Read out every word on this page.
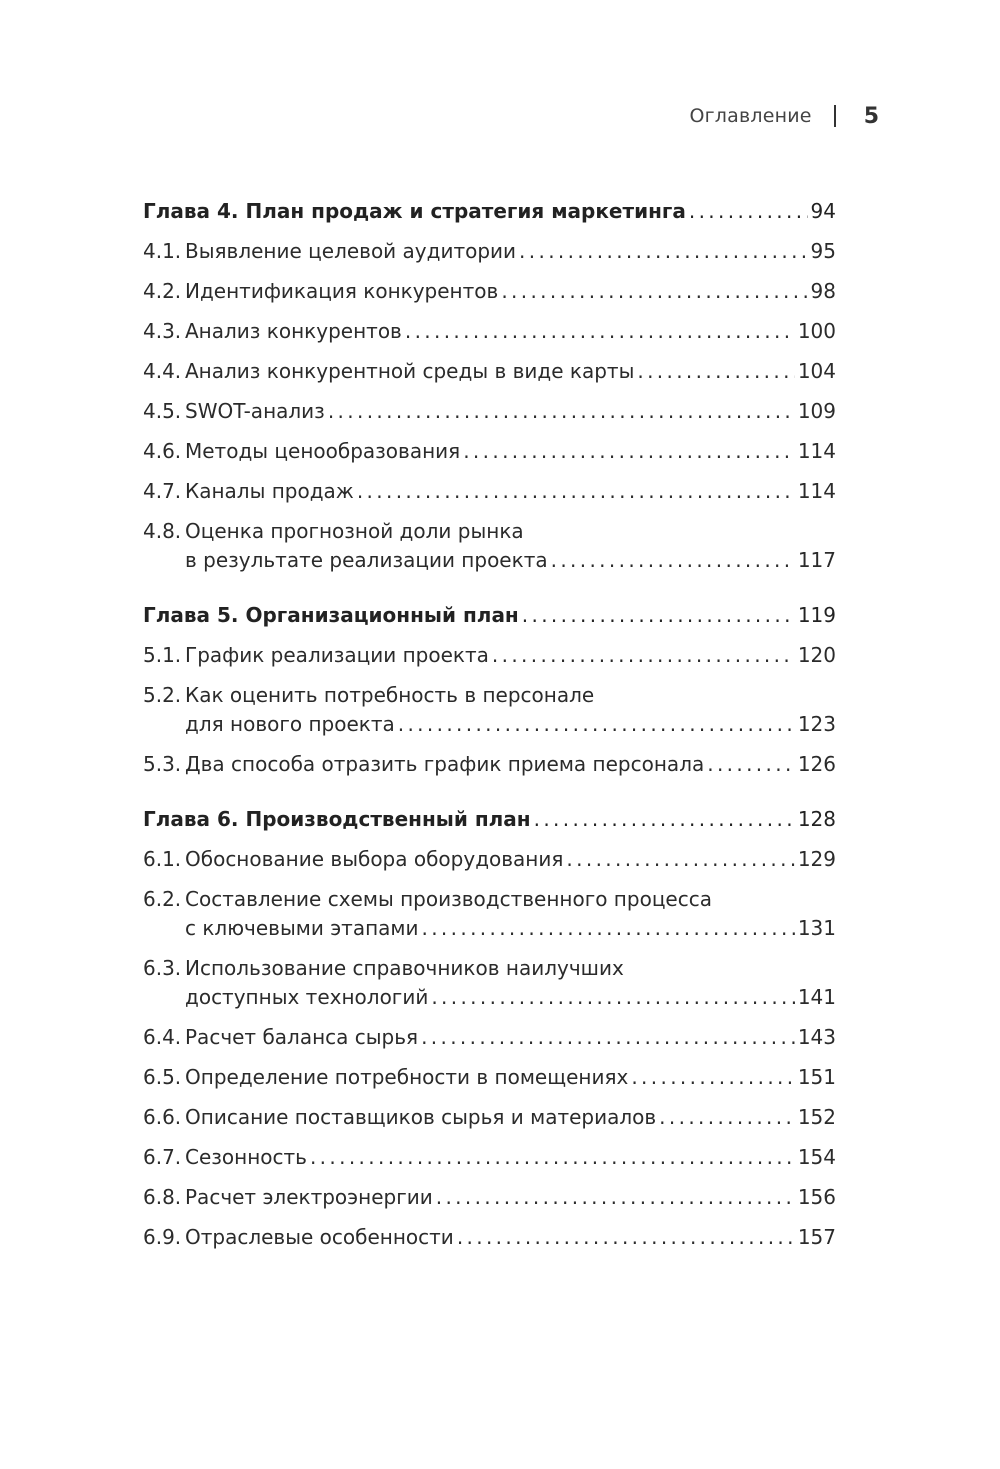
Оглавление 5
Глава 4. План продаж и стратегия маркетинга . . .	94
4.1. Выявление целевой аудитории . . .	95
4.2. Идентификация конкурентов . . .	98
4.3. Анализ конкурентов . . .	100
4.4. Анализ конкурентной среды в виде карты . . .	104
4.5. SWOT-анализ . . .	109
4.6. Методы ценообразования . . .	114
4.7. Каналы продаж . . .	114
4.8. Оценка прогнозной доли рынка
в результате реализации проекта . . .	117
Глава 5. Организационный план . . .	119
5.1. График реализации проекта . . .	120
5.2. Как оценить потребность в персонале
для нового проекта . . .	123
5.3. Два способа отразить график приема персонала . . .	126
Глава 6. Производственный план . . .	128
6.1. Обоснование выбора оборудования . . .	129
6.2. Составление схемы производственного процесса
с ключевыми этапами . . .	131
6.3. Использование справочников наилучших
доступных технологий . . .	141
6.4. Расчет баланса сырья . . .	143
6.5. Определение потребности в помещениях . . .	151
6.6. Описание поставщиков сырья и материалов . . .	152
6.7. Сезонность . . .	154
6.8. Расчет электроэнергии . . .	156
6.9. Отраслевые особенности . . .	157
